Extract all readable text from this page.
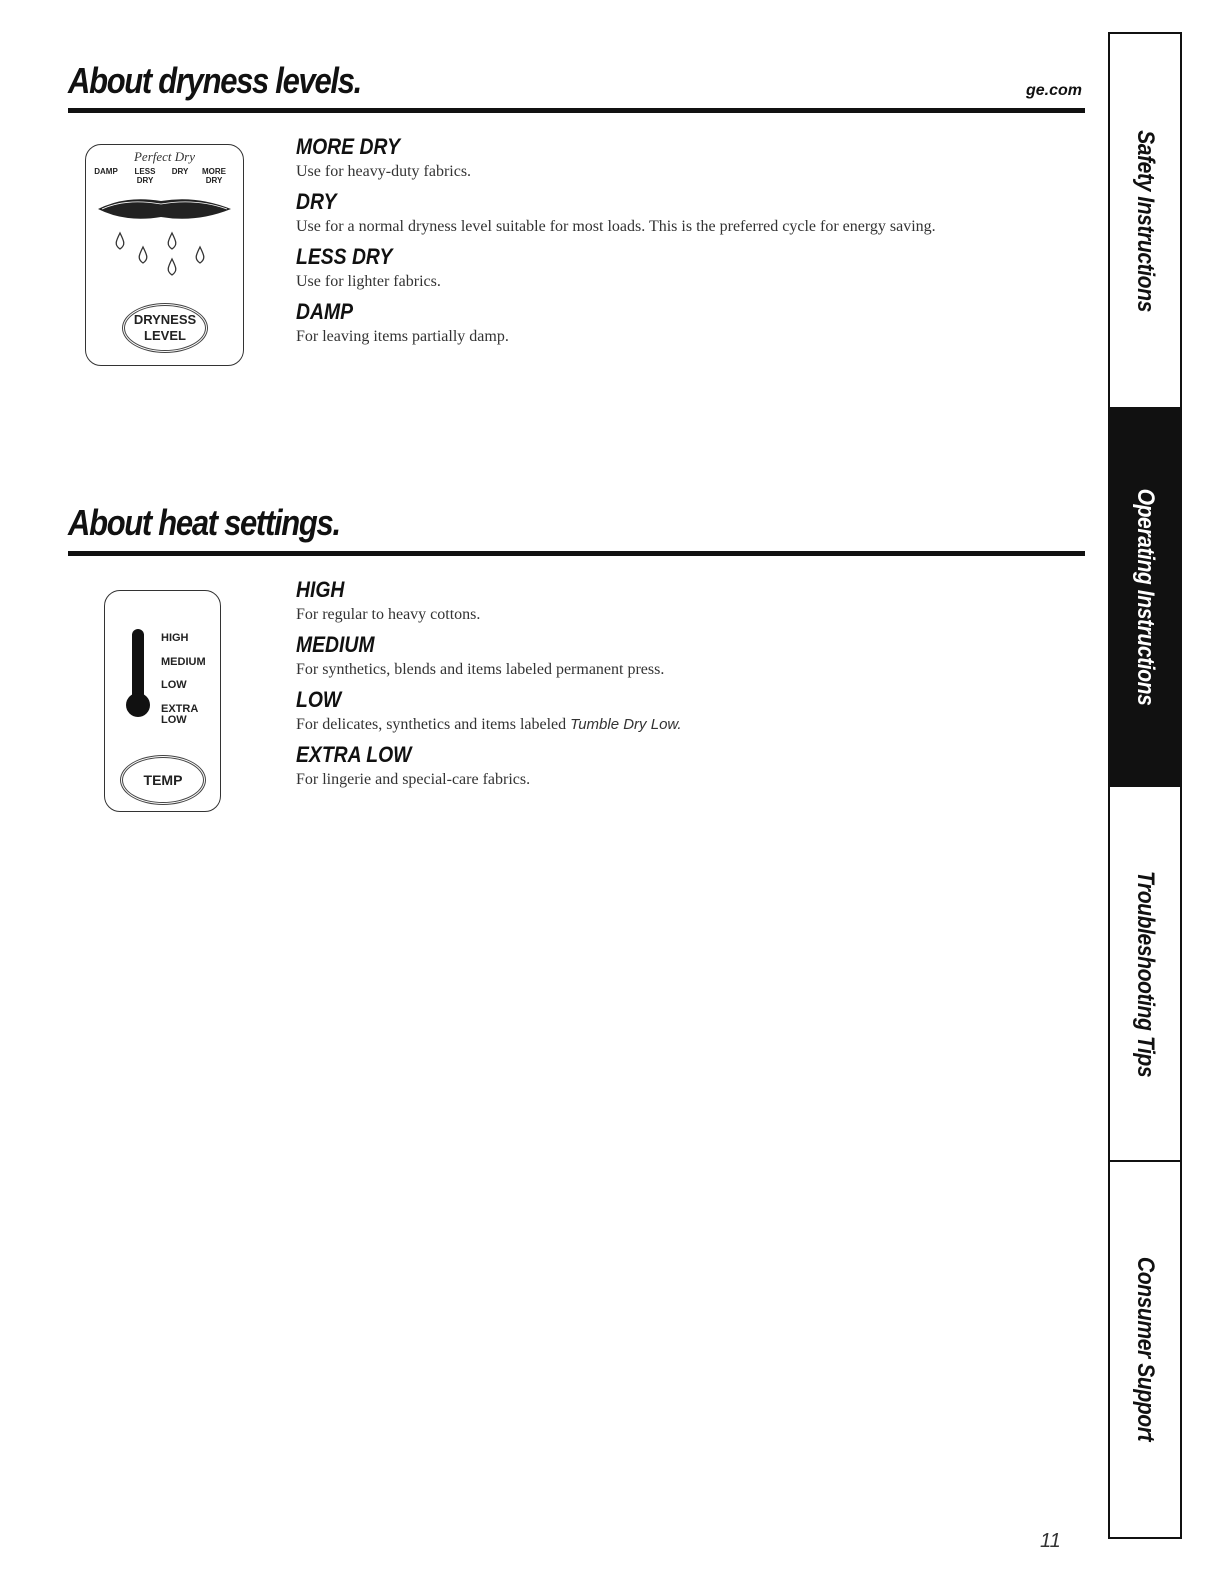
About dryness levels.	ge.com
Perfect Dry
DAMP	LESS
DRY
DRY	MORE
DRY
DRYNESS
LEVEL
MORE DRY
Use for heavy-duty fabrics.
DRY
Use for a normal dryness level suitable for most loads. This is the preferred cycle for energy saving.
LESS DRY
Use for lighter fabrics.
DAMP
For leaving items partially damp.
About heat settings.
HIGH
MEDIUM
LOW
EXTRA
LOW
TEMP
HIGH
For regular to heavy cottons.
MEDIUM
For synthetics, blends and items labeled permanent press.
LOW
For delicates, synthetics and items labeled Tumble Dry Low.
EXTRA LOW
For lingerie and special-care fabrics.
Safety Instructions
Operating Instructions
Troubleshooting Tips
Consumer Support
11
